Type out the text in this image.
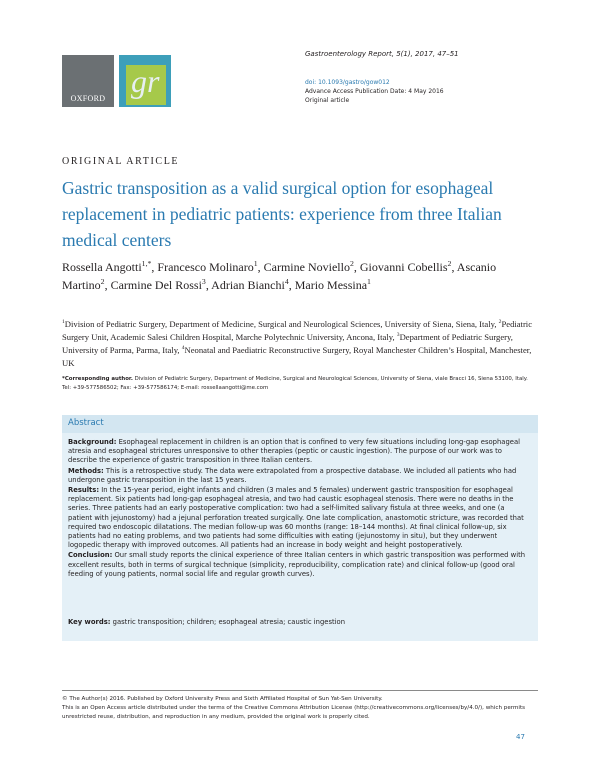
OXFORD gr
Gastroenterology Report, 5(1), 2017, 47–51
doi: 10.1093/gastro/gow012
Advance Access Publication Date: 4 May 2016
Original article
ORIGINAL ARTICLE
Gastric transposition as a valid surgical option for esophageal replacement in pediatric patients: experience from three Italian medical centers
Rossella Angotti$^{1,*}$, Francesco Molinaro$^1$, Carmine Noviello$^2$, Giovanni Cobellis$^2$, Ascanio Martino$^2$, Carmine Del Rossi$^3$, Adrian Bianchi$^4$, Mario Messina$^1$
$^1$Division of Pediatric Surgery, Department of Medicine, Surgical and Neurological Sciences, University of Siena, Siena, Italy, $^2$Pediatric Surgery Unit, Academic Salesi Children Hospital, Marche Polytechnic University, Ancona, Italy, $^3$Department of Pediatric Surgery, University of Parma, Parma, Italy, $^4$Neonatal and Paediatric Reconstructive Surgery, Royal Manchester Children’s Hospital, Manchester, UK
*Corresponding author. Division of Pediatric Surgery, Department of Medicine, Surgical and Neurological Sciences, University of Siena, viale Bracci 16, Siena 53100, Italy. Tel: +39-577586502; Fax: +39-577586174; E-mail: rossellaangotti@me.com
Abstract

Background: Esophageal replacement in children is an option that is confined to very few situations including long-gap esophageal atresia and esophageal strictures unresponsive to other therapies (peptic or caustic ingestion). The purpose of our work was to describe the experience of gastric transposition in three Italian centers.

Methods: This is a retrospective study. The data were extrapolated from a prospective database. We included all patients who had undergone gastric transposition in the last 15 years.

Results: In the 15-year period, eight infants and children (3 males and 5 females) underwent gastric transposition for esophageal replacement. Six patients had long-gap esophageal atresia, and two had caustic esophageal stenosis. There were no deaths in the series. Three patients had an early postoperative complication: two had a self-limited salivary fistula at three weeks, and one (a patient with jejunostomy) had a jejunal perforation treated surgically. One late complication, anastomotic stricture, was recorded that required two endoscopic dilatations. The median follow-up was 60 months (range: 18–144 months). At final clinical follow-up, six patients had no eating problems, and two patients had some difficulties with eating (jejunostomy in situ), but they underwent logopedic therapy with improved outcomes. All patients had an increase in body weight and height postoperatively.

Conclusion: Our small study reports the clinical experience of three Italian centers in which gastric transposition was performed with excellent results, both in terms of surgical technique (simplicity, reproducibility, complication rate) and clinical follow-up (good oral feeding of young patients, normal social life and regular growth curves).

Key words: gastric transposition; children; esophageal atresia; caustic ingestion

© The Author(s) 2016. Published by Oxford University Press and Sixth Affiliated Hospital of Sun Yat-Sen University.

This is an Open Access article distributed under the terms of the Creative Commons Attribution License (http://creativecommons.org/licenses/by/4.0/), which permits unrestricted reuse, distribution, and reproduction in any medium, provided the original work is properly cited.

47
